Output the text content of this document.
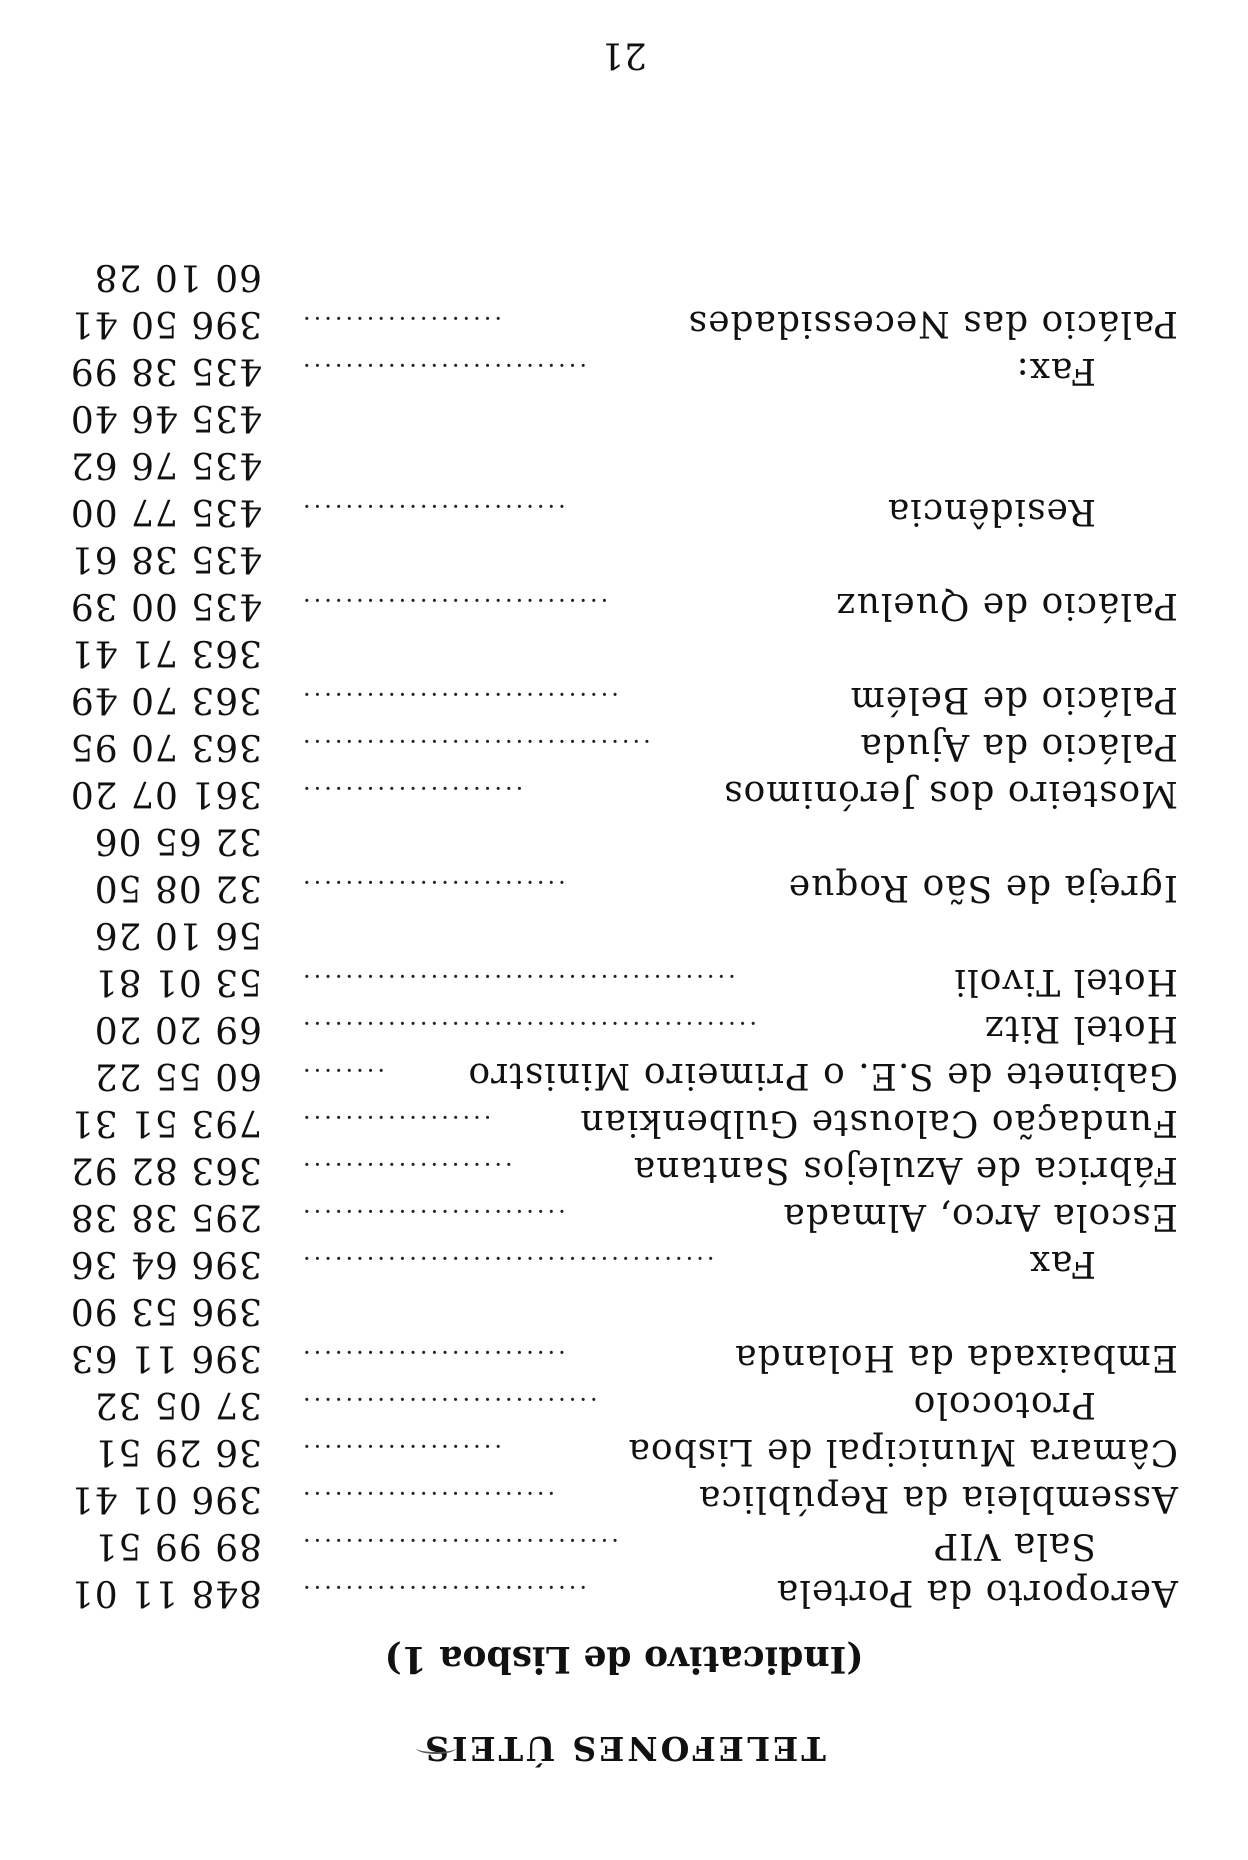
TELEFONES ÚTEIS
(Indicativo de Lisboa 1)
Aeroporto da Portela
...........................
848 11 01
Sala VIP
..............................
89 99 51
Assembleia da República
........................
396 01 41
Câmara Municipal de Lisboa
...................
36 29 51
Protocolo
............................
37 05 32
Embaixada da Holanda
.........................
396 11 63
396 53 90
Fax
.......................................
396 64 36
Escola Arco, Almada
.........................
295 38 38
Fábrica de Azulejos Santana
....................
363 82 92
Fundação Calouste Gulbenkian
..................
793 51 31
Gabinete de S.E. o Primeiro Ministro
........
60 55 22
Hotel Ritz
...........................................
69 20 20
Hotel Tivoli
.........................................
53 01 81
56 10 26
Igreja de São Roque
.........................
32 08 50
32 65 06
Mosteiro dos Jerónimos
.....................
361 07 20
Palácio da Ajuda
.................................
363 70 95
Palácio de Belém
..............................
363 70 49
363 71 41
Palácio de Queluz
.............................
435 00 39
435 38 61
Residência
.........................
435 77 00
435 76 62
435 46 40
Fax:
...........................
435 38 99
Palácio das Necessidades
...................
396 50 41
60 10 28
21
